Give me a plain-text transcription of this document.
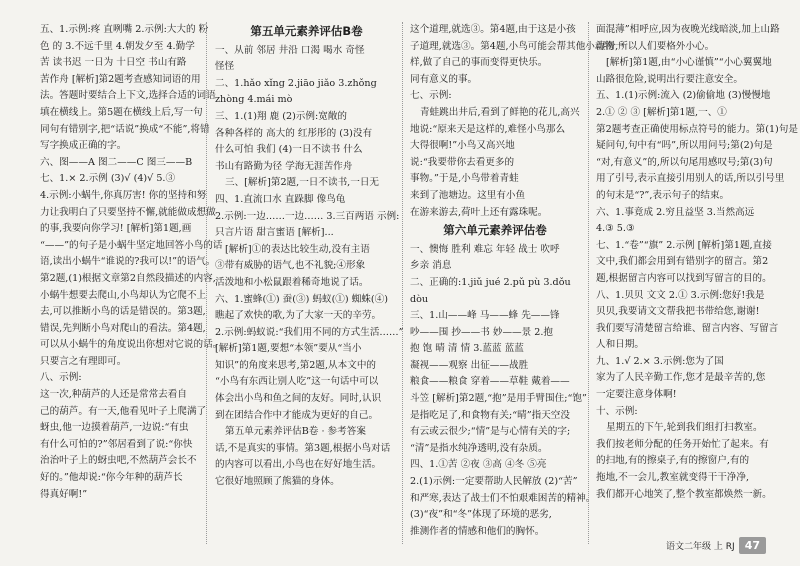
五、1.示例:疼 直咧嘴 2.示例:大大的 粉
色 的 3.不远千里 4.朝发夕至 4.勤学
苦 读书迟 一日为 十日空 书山有路
苦作舟 [解析]第2题考查感知词语的用
法。答题时要结合上下文,选择合适的词语
填在横线上。第5题在横线上后,写一句
同句有错别字,把“话说”换成“不能”,将错
写字换成正确的字。
六、图——A 图二——C 图三——B
七、1.× 2.示例 (3)√ (4)√ 5.③
4.示例:小蜗牛,你真厉害! 你的坚持和努
力让我明白了只要坚持不懈,就能做成想做
的事,我要向你学习! [解析]第1题,画
“——”的句子是小蜗牛坚定地回答小鸟的话
语,读出小蜗牛“谁说的?我可以!”的语气。
第2题,(1)根据文章第2自然段描述的内容,
小蜗牛想要去爬山,小鸟却认为它爬不上
去,可以推断小鸟的话是错误的。第3题,
错误,先判断小鸟对爬山的看法。第4题,
可以从小蜗牛的角度说出你想对它说的话。
只要言之有理即可。
八、示例:
这一次,种葫芦的人还是常常去看自
己的葫芦。有一天,他看见叶子上爬满了
蚜虫,他一边摸着葫芦,一边说:“有虫
有什么可怕的?”邻居看到了说:“你快
治治叶子上的蚜虫吧,不然葫芦会长不
好的。”他却说:“你今年种的葫芦长
得真好啊!”
第五单元素养评估B卷
一、从前 邻居 井沿 口渴 喝水 奇怪
怪怪
二、1.hǎo xǐng 2.jiāo jiǎo 3.zhǒng
zhòng 4.mái mò
三、1.(1)翔 鹿 (2)示例:宽敞的
各种各样的 高大的 红彤彤的 (3)没有
什么可怕 我们 (4)一日不读书 什么
书山有路勤为径 学海无涯苦作舟
三、[解析]第2题,一日不读书,一日无
四、1.直流口水 直跺脚 像鸟龟
2.示例:一边……一边…… 3.三百两语 示例:
只言片语 甜言蜜语 [解析]...
[解析]①的表达比较生动,没有主语
③带有威胁的语气,也不礼貌;④形象
活泼地和小松鼠跟着稀奇地说了话。
六、1.蜜蜂(①) 蚕(③) 蚂蚁(①) 蜘蛛(④)
瞧起了欢快的歌,为了大家一天的辛劳。
2.示例:蚂蚁说:“我们用不同的方式生活……”
[解析]第1题,要想“本领”要从“当小
知识”的角度来思考,第2题,从本文中的
“小鸟有东西让别人吃”这一句话中可以
体会出小鸟和鱼之间的友好。同时,认识
到在团结合作中才能成为更好的自己。
第五单元素养评估B卷 · 参考答案
话,不是真实的事情。第3题,根据小鸟对话
的内容可以看出,小鸟也在好好地生活。
它很好地照顾了熊猫的身体。
这个道理,就选③。第4题,由于这是小孩
子道理,就选③。第4题,小鸟可能会帮其他小动物一
样,做了自己的事而变得更快乐。
同有意义的事。
七、示例:
青蛙跳出井后,看到了鲜艳的花儿,高兴
地说:“原来天是这样的,难怪小鸟那么
大得很啊!”小鸟又高兴地
说:“我要带你去看更多的
事物。”于是,小鸟带着青蛙
来到了池塘边。这里有小鱼
在游来游去,荷叶上还有露珠呢。
第六单元素养评估卷
一、懊悔 胜利 难忘 年轻 战士 吹呼
乡亲 消息
二、正确的:1.jiǔ jué 2.pǔ pù 3.dǒu
dòu
三、1.山——峰 马——蜂 先——锋
吵——围 抄——书 妙——景 2.抱
抱 饱 晴 清 情 3.蓝蓝 蓝蓝
凝视——观察 出征——战胜
粮食——粮食 穿着——草鞋 戴着——
斗笠 [解析]第2题,“抱”是用手臂围住;“饱”
是指吃足了,和食物有关;“晴”指天空没
有云或云很少;“情”是与心情有关的字;
“清”是指水纯净透明,没有杂质。
四、1.①苦 ②夜 ③高 ④冬 ⑤亮
2.(1)示例:一定要帮助人民解放 (2)“苦”
和严寒,表达了战士们不怕艰难困苦的精神。
(3)“夜”和“冬”体现了环境的恶劣,
推测作者的情感和他们的胸怀。
面混薄”相呼应,因为夜晚光线暗淡,加上山路
湿滑,所以人们要格外小心。
[解析]第1题,由“小心谨慎”“小心翼翼地
山路很危险,说明出行要注意安全。
五、1.(1)示例:流入 (2)偷偷地 (3)慢慢地
2.① ② ③ [解析]第1题,一、①
第2题考查正确使用标点符号的能力。第(1)句是
疑问句,句中有“吗”,所以用问号;第(2)句是
“对,有意义”的,所以句尾用感叹号;第(3)句
用了引号,表示直接引用别人的话,所以引号里
的句末是“?”,表示句子的结束。
六、1.事竟成 2.穷且益坚 3.当然高远
4.③ 5.③
七、1.“卷”“旗” 2.示例 [解析]第1题,直接
文中,我们都会用到有错别字的留言。第2
题,根据留言内容可以找到写留言的目的。
八、1.贝贝 文文 2.① 3.示例:您好!我是
贝贝,我要请文文帮我把书带给您,谢谢!
我们要写清楚留言给谁、留言内容、写留言
人和日期。
九、1.√ 2.× 3.示例:您为了国
家为了人民辛勤工作,您才是最辛苦的,您
一定要注意身体啊!
十、示例:
星期五的下午,轮到我们组打扫教室。
我们按老师分配的任务开始忙了起来。有
的扫地,有的擦桌子,有的擦窗户,有的
拖地,不一会儿,教室就变得干干净净,
我们都开心地笑了,整个教室都焕然一新。
语文二年级 上 RJ 47
